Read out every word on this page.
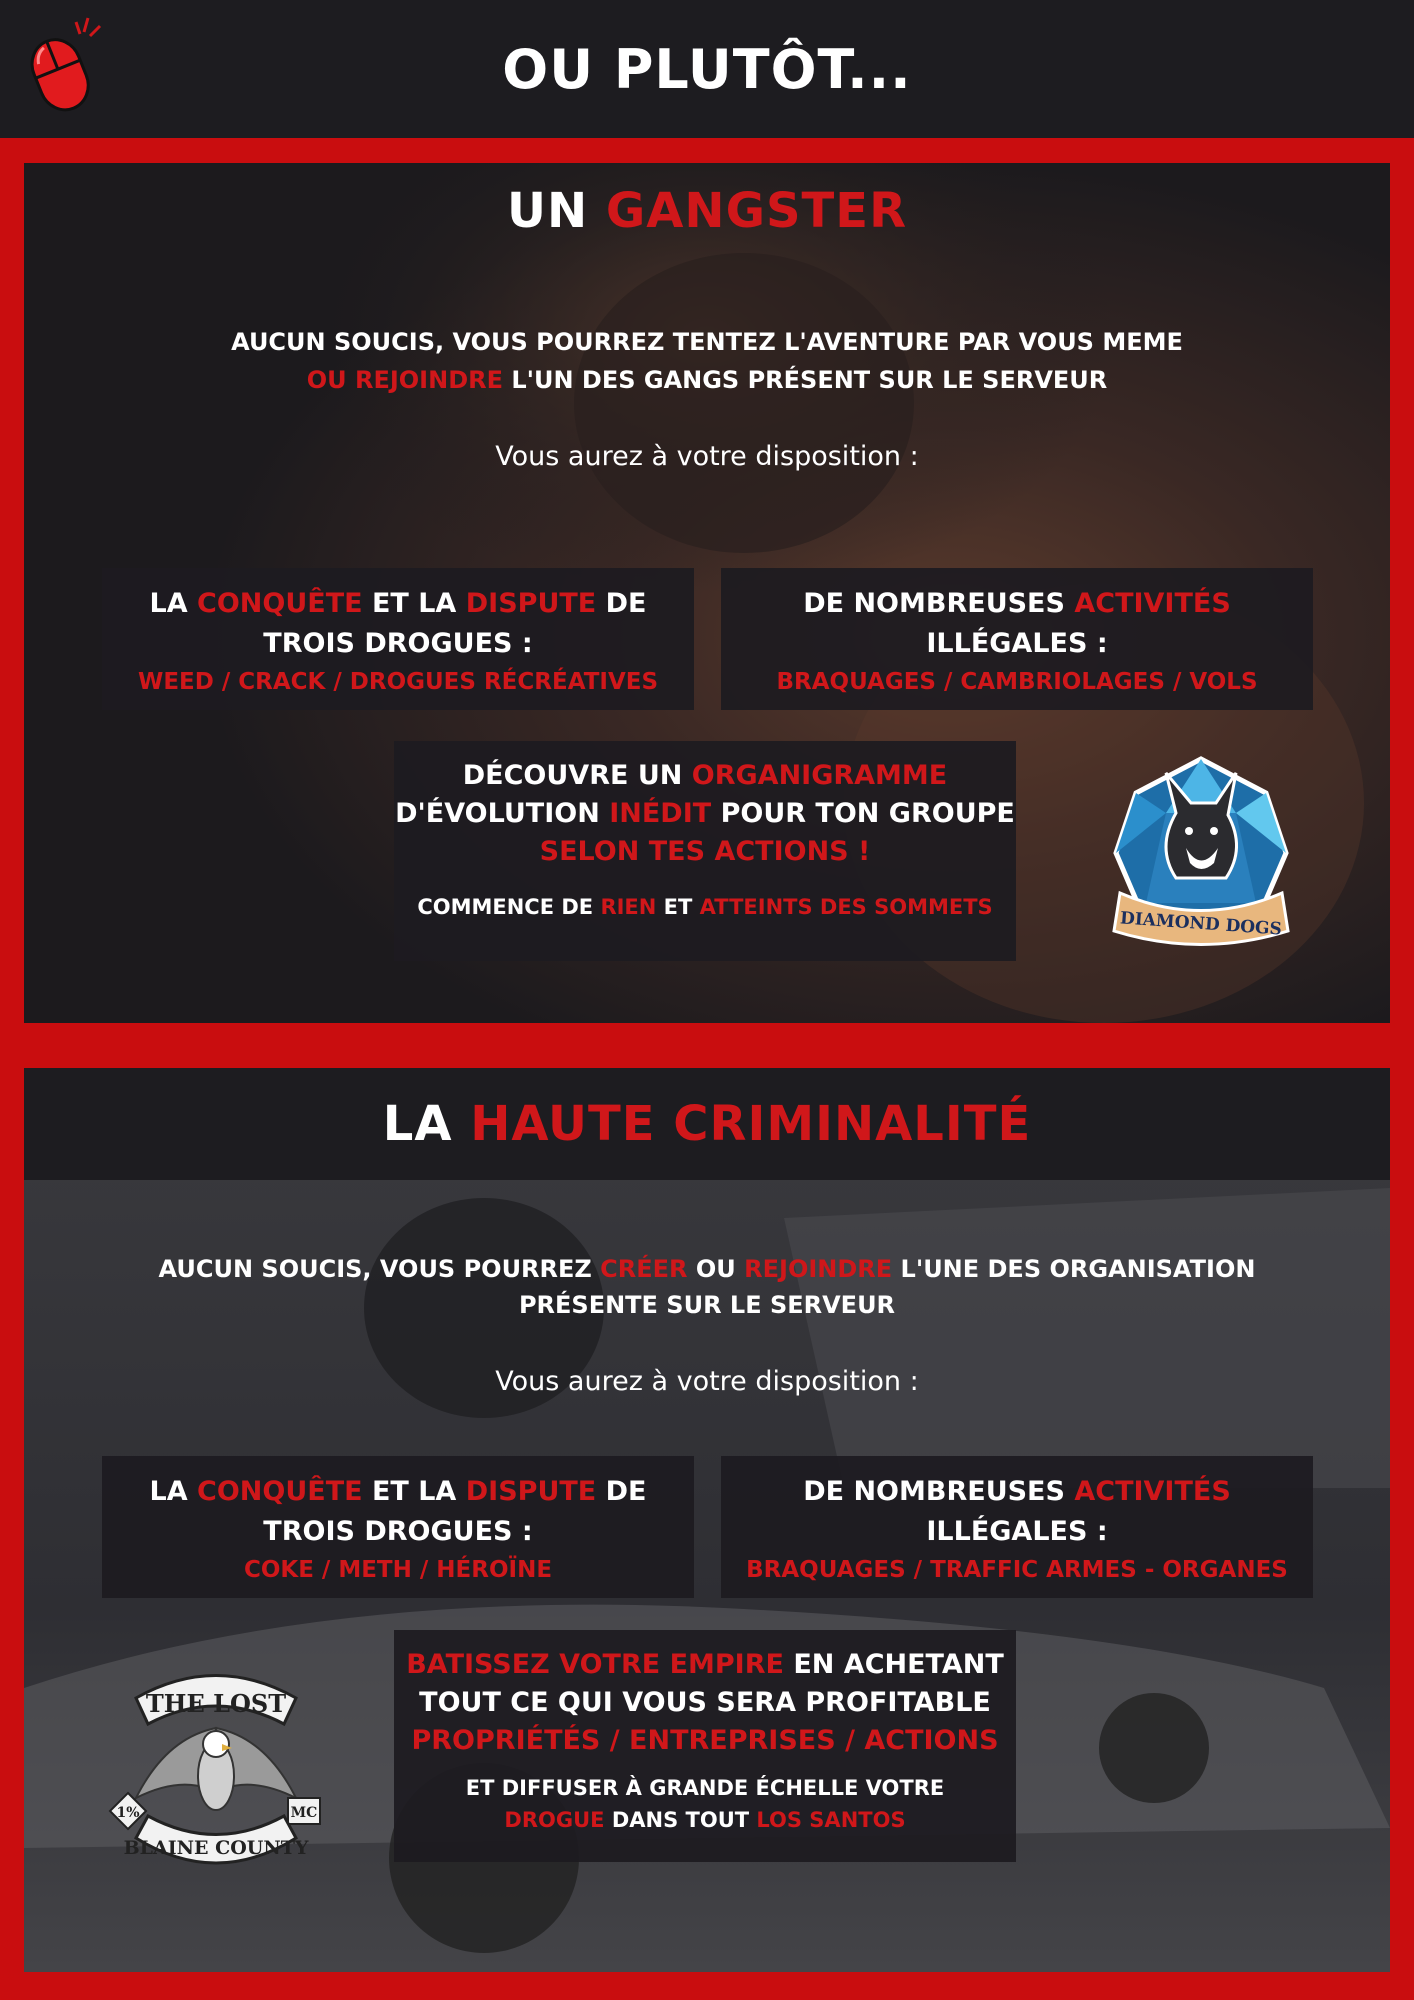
OU PLUTÔT...
UN GANGSTER
AUCUN SOUCIS, VOUS POURREZ TENTEZ L'AVENTURE PAR VOUS MEME
OU REJOINDRE L'UN DES GANGS PRÉSENT SUR LE SERVEUR
Vous aurez à votre disposition :
LA CONQUÊTE ET LA DISPUTE DE
TROIS DROGUES :
WEED / CRACK / DROGUES RÉCRÉATIVES
DE NOMBREUSES ACTIVITÉS
ILLÉGALES :
BRAQUAGES / CAMBRIOLAGES / VOLS
DÉCOUVRE UN ORGANIGRAMME
D'ÉVOLUTION INÉDIT POUR TON GROUPE
SELON TES ACTIONS !
COMMENCE DE RIEN ET ATTEINTS DES SOMMETS
DIAMOND DOGS
LA HAUTE CRIMINALITÉ
AUCUN SOUCIS, VOUS POURREZ CRÉER OU REJOINDRE L'UNE DES ORGANISATION
PRÉSENTE SUR LE SERVEUR
Vous aurez à votre disposition :
LA CONQUÊTE ET LA DISPUTE DE
TROIS DROGUES :
COKE / METH / HÉROÏNE
DE NOMBREUSES ACTIVITÉS
ILLÉGALES :
BRAQUAGES / TRAFFIC ARMES - ORGANES
BATISSEZ VOTRE EMPIRE EN ACHETANT
TOUT CE QUI VOUS SERA PROFITABLE
PROPRIÉTÉS / ENTREPRISES / ACTIONS
ET DIFFUSER À GRANDE ÉCHELLE VOTRE
DROGUE DANS TOUT LOS SANTOS
THE LOST
1%	MC
BLAINE COUNTY
